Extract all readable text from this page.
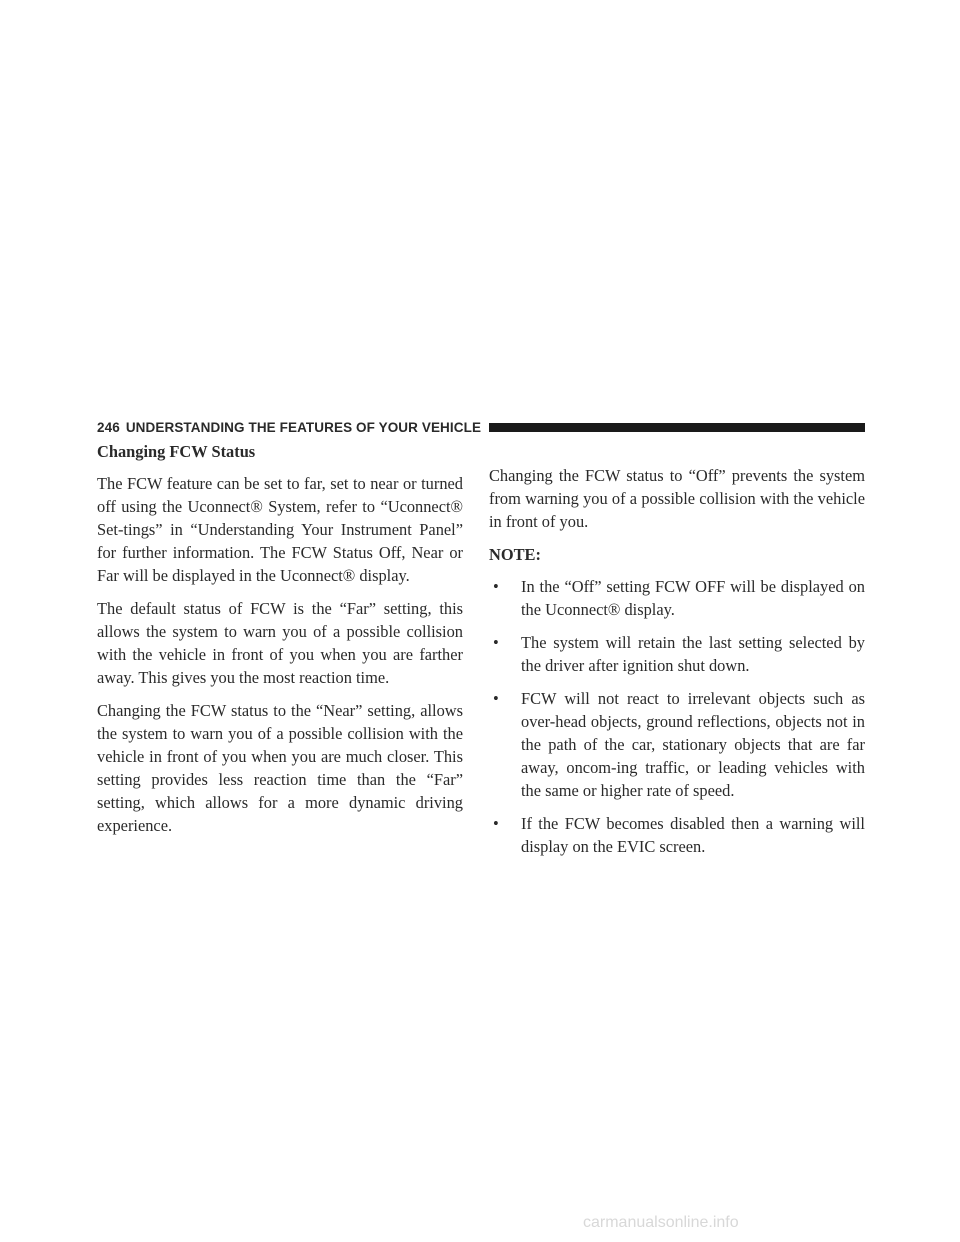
246 UNDERSTANDING THE FEATURES OF YOUR VEHICLE
Changing FCW Status

The FCW feature can be set to far, set to near or turned off using the Uconnect® System, refer to “Uconnect® Set-tings” in “Understanding Your Instrument Panel” for further information. The FCW Status Off, Near or Far will be displayed in the Uconnect® display.

The default status of FCW is the “Far” setting, this allows the system to warn you of a possible collision with the vehicle in front of you when you are farther away. This gives you the most reaction time.

Changing the FCW status to the “Near” setting, allows the system to warn you of a possible collision with the vehicle in front of you when you are much closer. This setting provides less reaction time than the “Far” setting, which allows for a more dynamic driving experience.

Changing the FCW status to “Off” prevents the system from warning you of a possible collision with the vehicle in front of you.

NOTE:
• In the “Off” setting FCW OFF will be displayed on the Uconnect® display.
• The system will retain the last setting selected by the driver after ignition shut down.
• FCW will not react to irrelevant objects such as over-head objects, ground reflections, objects not in the path of the car, stationary objects that are far away, oncom-ing traffic, or leading vehicles with the same or higher rate of speed.
• If the FCW becomes disabled then a warning will display on the EVIC screen.
carmanualsonline.info
